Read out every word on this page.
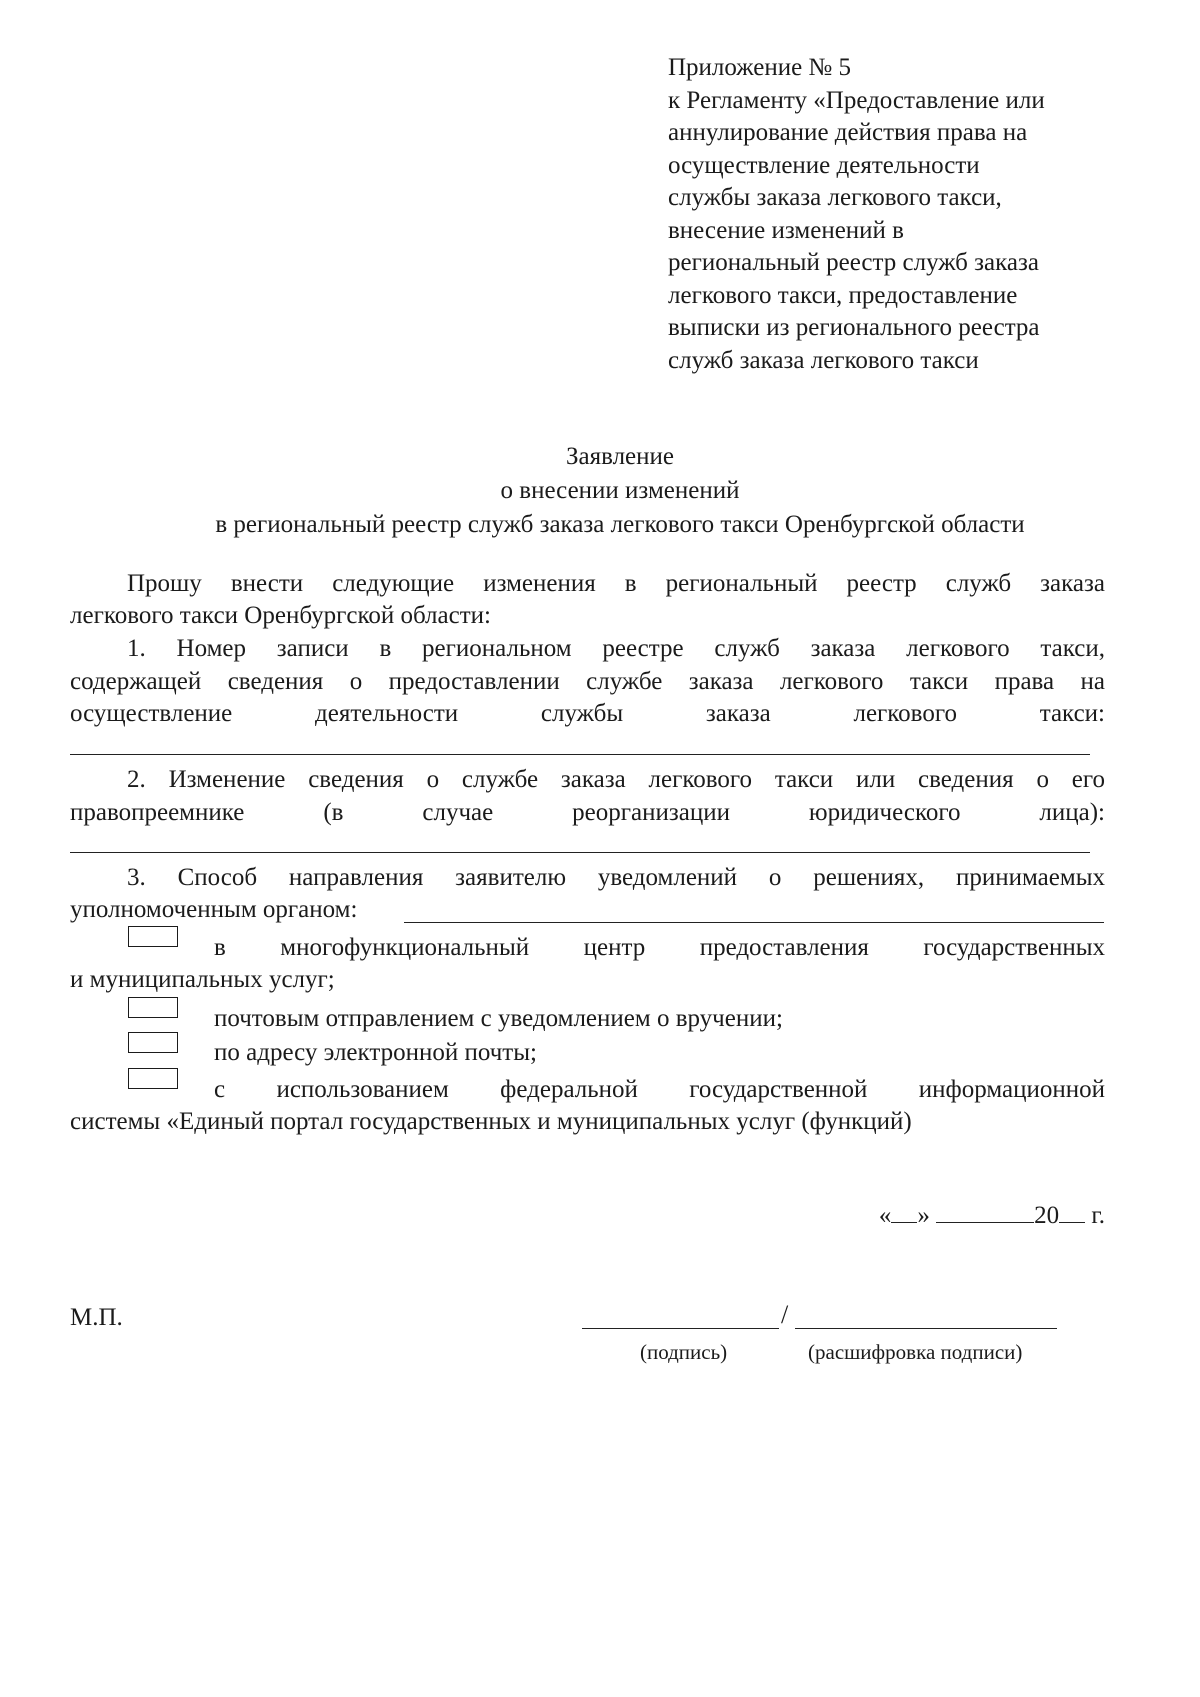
Приложение № 5
к Регламенту «Предоставление или
аннулирование действия права на
осуществление деятельности
службы заказа легкового такси,
внесение изменений в
региональный реестр служб заказа
легкового такси, предоставление
выписки из регионального реестра
служб заказа легкового такси
Заявление
о внесении изменений
в региональный реестр служб заказа легкового такси Оренбургской области
Прошу внести следующие изменения в региональный реестр служб заказа
легкового такси Оренбургской области:
1. Номер записи в региональном реестре служб заказа легкового такси,
содержащей сведения о предоставлении службе заказа легкового такси права на
осуществление деятельности службы заказа легкового такси:
2. Изменение сведения о службе заказа легкового такси или сведения о его
правопреемнике (в случае реорганизации юридического лица):
3. Способ направления заявителю уведомлений о решениях, принимаемых
уполномоченным органом:
в многофункциональный центр предоставления государственных
и муниципальных услуг;
почтовым отправлением с уведомлением о вручении;
по адресу электронной почты;
с использованием федеральной государственной информационной
системы «Единый портал государственных и муниципальных услуг (функций)
« »	20 г.
М.П.	/
(подпись)	(расшифровка подписи)
